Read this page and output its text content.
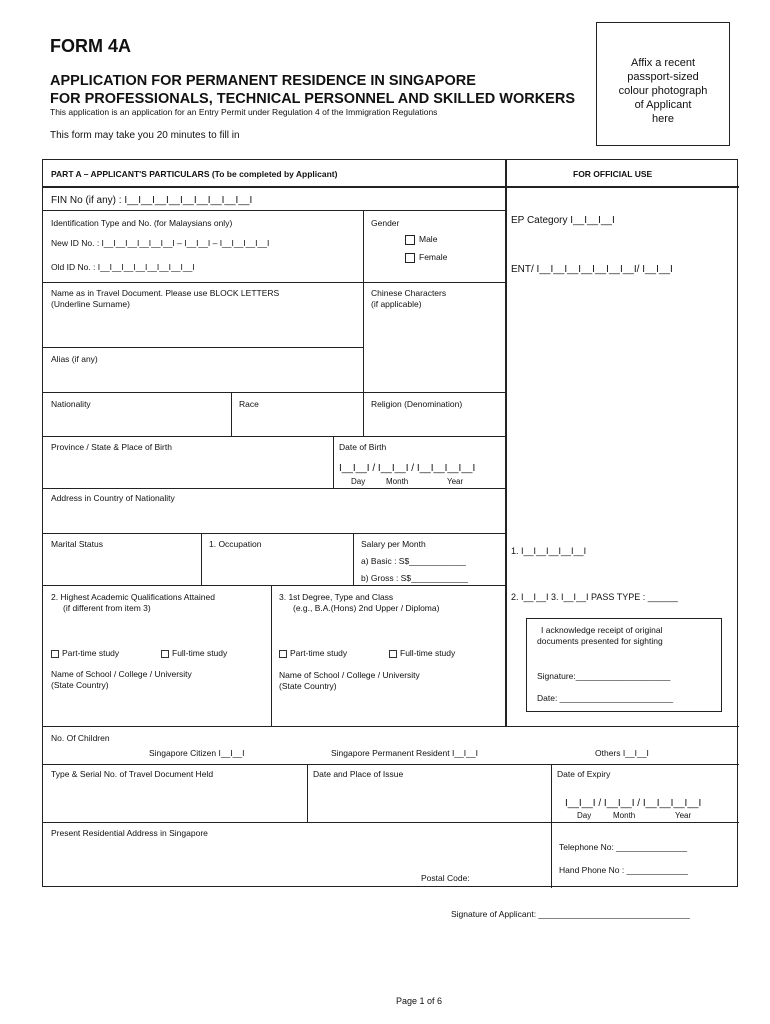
FORM 4A
APPLICATION FOR PERMANENT RESIDENCE IN SINGAPORE
FOR PROFESSIONALS, TECHNICAL PERSONNEL AND SKILLED WORKERS
This application is an application for an Entry Permit under Regulation 4 of the Immigration Regulations
This form may take you 20 minutes to fill in
Affix a recent
passport-sized
colour photograph
of Applicant
here
PART A – APPLICANT'S PARTICULARS (To be completed by Applicant)	FOR OFFICIAL USE
FIN No (if any) : I__I__I__I__I__I__I__I__I__I
Identification Type and No. (for Malaysians only)
New ID No. : I__I__I__I__I__I__I – I__I__I – I__I__I__I__I
Old ID No. : I__I__I__I__I__I__I__I__I
Gender
Male
Female
EP Category I__I__I__I
ENT/ I__I__I__I__I__I__I__I/ I__I__I
Name as in Travel Document. Please use BLOCK LETTERS
(Underline Surname)
Chinese Characters
(if applicable)
Alias (if any)
Nationality	Race	Religion (Denomination)
Province / State & Place of Birth	Date of Birth
I__I__I / I__I__I / I__I__I__I__I
Day	Month	Year
Address in Country of Nationality
Marital Status	1. Occupation	Salary per Month
a) Basic : S$____________
b) Gross : S$____________
1. I__I__I__I__I__I
2. Highest Academic Qualifications Attained
(if different from item 3)
3. 1st Degree, Type and Class
(e.g., B.A.(Hons) 2nd Upper / Diploma)
2. I__I__I 3. I__I__I PASS TYPE : ______
Part-time study	Full-time study	Part-time study	Full-time study
Name of School / College / University
(State Country)
Name of School / College / University
(State Country)
No. Of Children
Singapore Citizen I__I__I	Singapore Permanent Resident I__I__I	Others I__I__I
Type & Serial No. of Travel Document Held	Date and Place of Issue	Date of Expiry
I__I__I / I__I__I / I__I__I__I__I
Day	Month	Year
Present Residential Address in Singapore
Postal Code:
Telephone No: _______________
Hand Phone No : _____________
I acknowledge receipt of original
documents presented for sighting
Signature:____________________
Date: ________________________
Signature of Applicant: ________________________________
Page 1 of 6
